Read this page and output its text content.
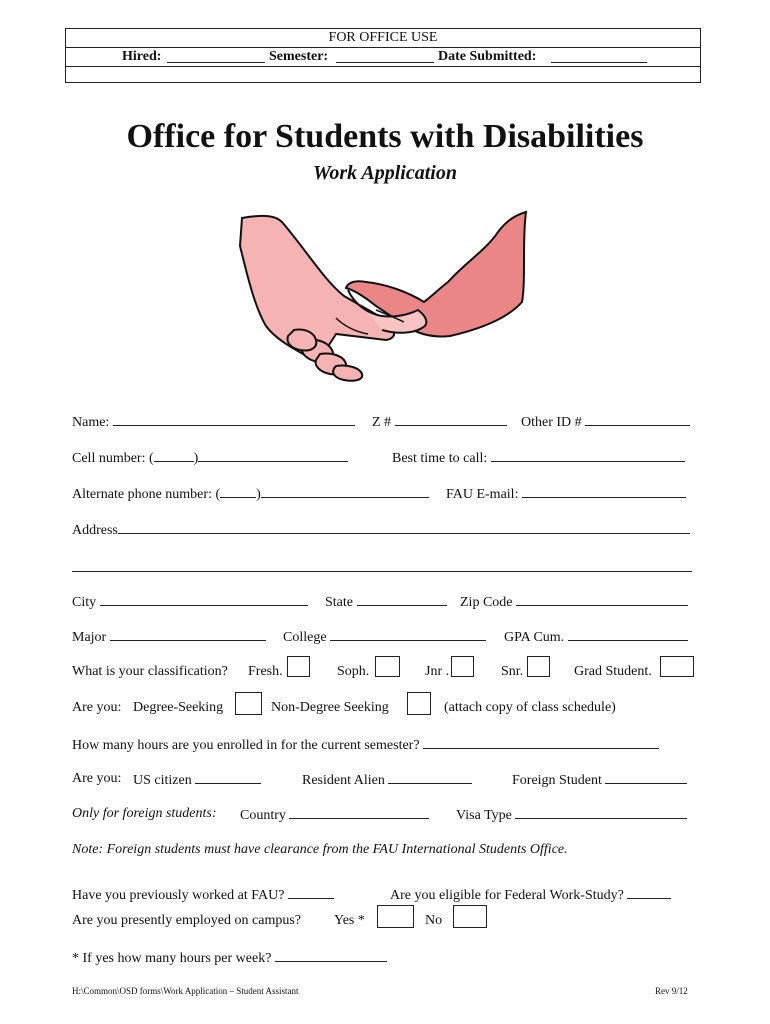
FOR OFFICE USE
Hired:	Semester:	Date Submitted:
Office for Students with Disabilities
Work Application
Name:	Z #	Other ID #
Cell number: (	)	Best time to call:
Alternate phone number: (	)	FAU E-mail:
Address
City	State	Zip Code
Major	College	GPA Cum.
What is your classification? Fresh.	Soph.	Jnr .	Snr.	Grad Student.
Are you: Degree-Seeking	Non-Degree Seeking	(attach copy of class schedule)
How many hours are you enrolled in for the current semester?
Are you: US citizen	Resident Alien	Foreign Student
Only for foreign students: Country	Visa Type
Note: Foreign students must have clearance from the FAU International Students Office.
Have you previously worked at FAU?	Are you eligible for Federal Work-Study?
Are you presently employed on campus? Yes *	No
* If yes how many hours per week?
H:\Common\OSD forms\Work Application – Student Assistant	Rev 9/12
